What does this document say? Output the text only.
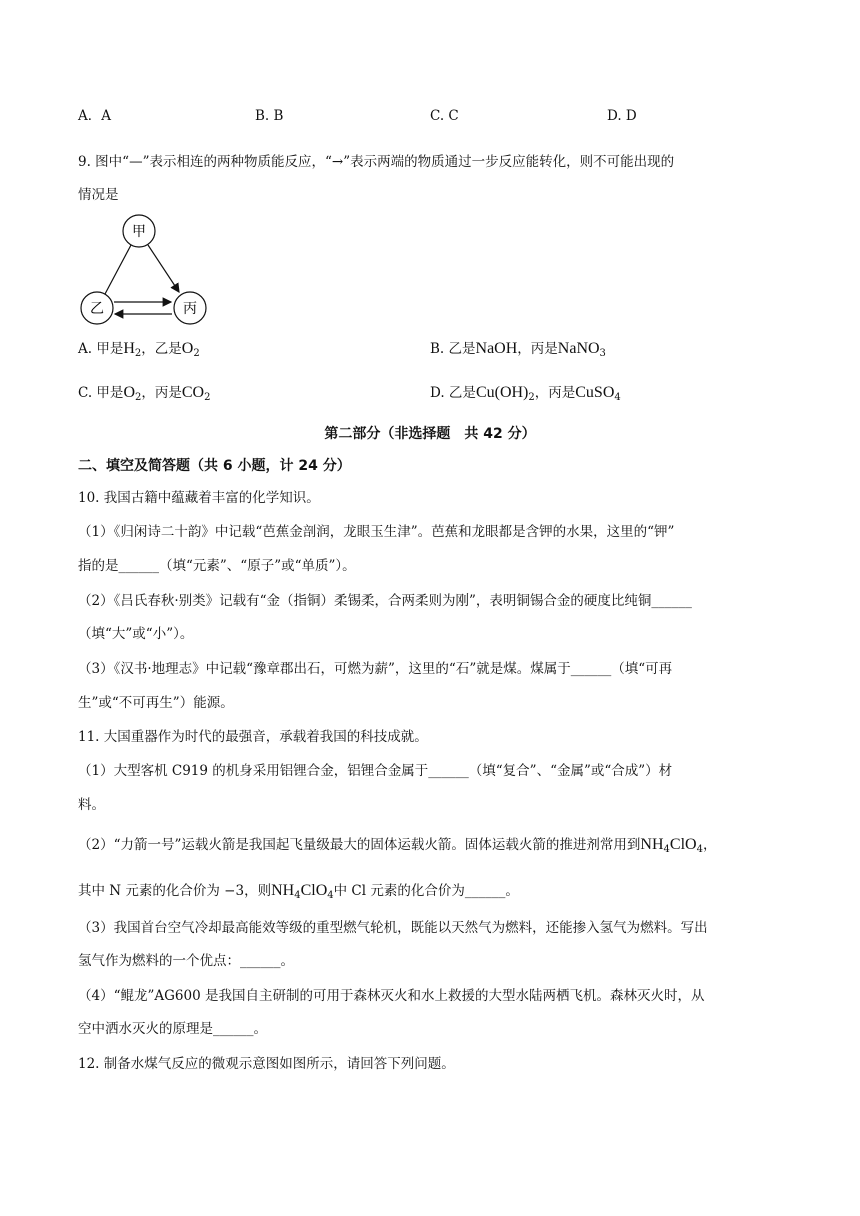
A．A	B. B	C. C	D. D
9. 图中“—”表示相连的两种物质能反应，“→”表示两端的物质通过一步反应能转化，则不可能出现的
情况是
甲
乙	丙
A. 甲是$H_2$，乙是$O_2$	B. 乙是NaOH，丙是NaNO$_3$
C. 甲是$O_2$，丙是$CO_2$	D. 乙是$Cu(OH)_2$，丙是CuSO$_4$
第二部分（非选择题　共 42 分）
二、填空及简答题（共 6 小题，计 24 分）
10. 我国古籍中蕴藏着丰富的化学知识。
（1）《归闲诗二十韵》中记载“芭蕉金剖润，龙眼玉生津”。芭蕉和龙眼都是含钾的水果，这里的“钾”
指的是______（填“元素”、“原子”或“单质”）。
（2）《吕氏春秋·别类》记载有“金（指铜）柔锡柔，合两柔则为刚”，表明铜锡合金的硬度比纯铜______
（填“大”或“小”）。
（3）《汉书·地理志》中记载“豫章郡出石，可燃为薪”，这里的“石”就是煤。煤属于______（填“可再
生”或“不可再生”）能源。
11. 大国重器作为时代的最强音，承载着我国的科技成就。
（1）大型客机 C919 的机身采用铝锂合金，铝锂合金属于______（填“复合”、“金属”或“合成”）材
料。
（2）“力箭一号”运载火箭是我国起飞量级最大的固体运载火箭。固体运载火箭的推进剂常用到$NH_4ClO_4$，
其中 N 元素的化合价为 −3，则$NH_4ClO_4$中 Cl 元素的化合价为______。
（3）我国首台空气冷却最高能效等级的重型燃气轮机，既能以天然气为燃料，还能掺入氢气为燃料。写出
氢气作为燃料的一个优点：______。
（4）“鲲龙”AG600 是我国自主研制的可用于森林灭火和水上救援的大型水陆两栖飞机。森林灭火时，从
空中洒水灭火的原理是______。
12. 制备水煤气反应的微观示意图如图所示，请回答下列问题。
